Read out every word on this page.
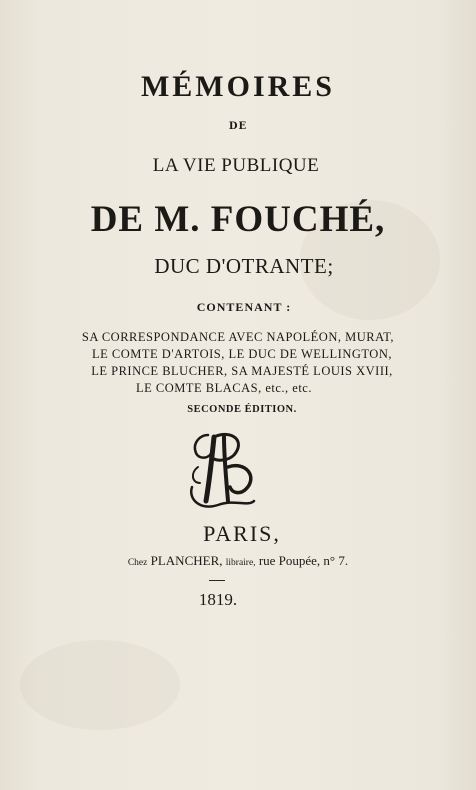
MÉMOIRES
DE
LA VIE PUBLIQUE
DE M. FOUCHÉ,
DUC D'OTRANTE;
CONTENANT :
SA CORRESPONDANCE AVEC NAPOLÉON, MURAT,
LE COMTE D'ARTOIS, LE DUC DE WELLINGTON,
LE PRINCE BLUCHER, SA MAJESTÉ LOUIS XVIII,
LE COMTE BLACAS, etc., etc.
SECONDE ÉDITION.
PARIS,
Chez PLANCHER, libraire, rue Poupée, n° 7.
1819.
